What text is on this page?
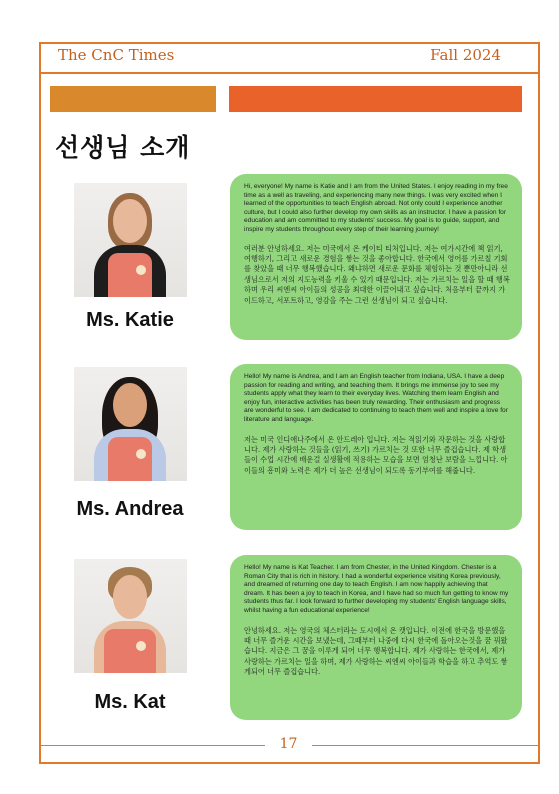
The CnC Times	Fall 2024
선생님 소개
Ms. Katie

Hi, everyone! My name is Katie and I am from the United States. I enjoy reading in my free time as a well as traveling, and experiencing many new things. I was very excited when I learned of the opportunities to teach English abroad. Not only could I experience another culture, but I could also further develop my own skills as an instructor. I have a passion for education and am committed to my students' success. My goal is to guide, support, and inspire my students throughout every step of their learning journey!

여러분 안녕하세요. 저는 미국에서 온 케이티 티처입니다. 저는 여가시간에 책 읽기, 여행하기, 그리고 새로운 경험을 쌓는 것을 좋아합니다. 한국에서 영어를 가르칠 기회를 찾았을 때 너무 행복했습니다. 왜냐하면 새로운 문화를 체험하는 것 뿐만아니라 선생님으로서 저의 지도능력을 키울 수 있기 때문입니다. 저는 가르치는 일을 할 때 행복하며 우리 씨엔씨 아이들의 성공을 최대한 이끌어내고 싶습니다. 처음부터 끝까지 가이드하고, 서포트하고, 영감을 주는 그런 선생님이 되고 싶습니다.

Ms. Andrea

Hello! My name is Andrea, and I am an English teacher from Indiana, USA. I have a deep passion for reading and writing, and teaching them. It brings me immense joy to see my students apply what they learn to their everyday lives. Watching them learn English and enjoy fun, interactive activities has been truly rewarding. Their enthusiasm and progress are wonderful to see. I am dedicated to continuing to teach them well and inspire a love for literature and language.

저는 미국 인디애나주에서 온 안드레아 입니다. 저는 적읽기와 작문하는 것을 사랑합니다. 제가 사랑하는 것들을 (읽기, 쓰기) 가르치는 것 또한 너무 즐겁습니다. 제 학생들이 수업 시간에 배운걸 실생활에 적용하는 모습을 보면 엄청난 보람을 느낍니다. 아이들의 흥미와 노력은 제가 더 높은 선생님이 되도록 동기부여를 해줍니다.

Ms. Kat

Hello! My name is Kat Teacher. I am from Chester, in the United Kingdom. Chester is a Roman City that is rich in history. I had a wonderful experience visiting Korea previously, and dreamed of returning one day to teach English. I am now happily achieving that dream. It has been a joy to teach in Korea, and I have had so much fun getting to know my students thus far. I look forward to further developing my students' English language skills, whilst having a fun educational experience!

안녕하세요. 저는 영국의 체스터라는 도시에서 온 캣입니다. 이전에 한국을 방문했을때 너무 즐거운 시간을 보냈는데, 그때부터 나중에 다시 한국에 돌아오는것을 꿈 꿔왔습니다. 지금은 그 꿈을 이루게 되어 너무 행복합니다. 제가 사랑하는 한국에서, 제가 사랑하는 가르치는 일을 하며, 제가 사랑하는 씨엔씨 아이들과 학습을 하고 추억도 쌓게되어 너무 즐겁습니다.

17
